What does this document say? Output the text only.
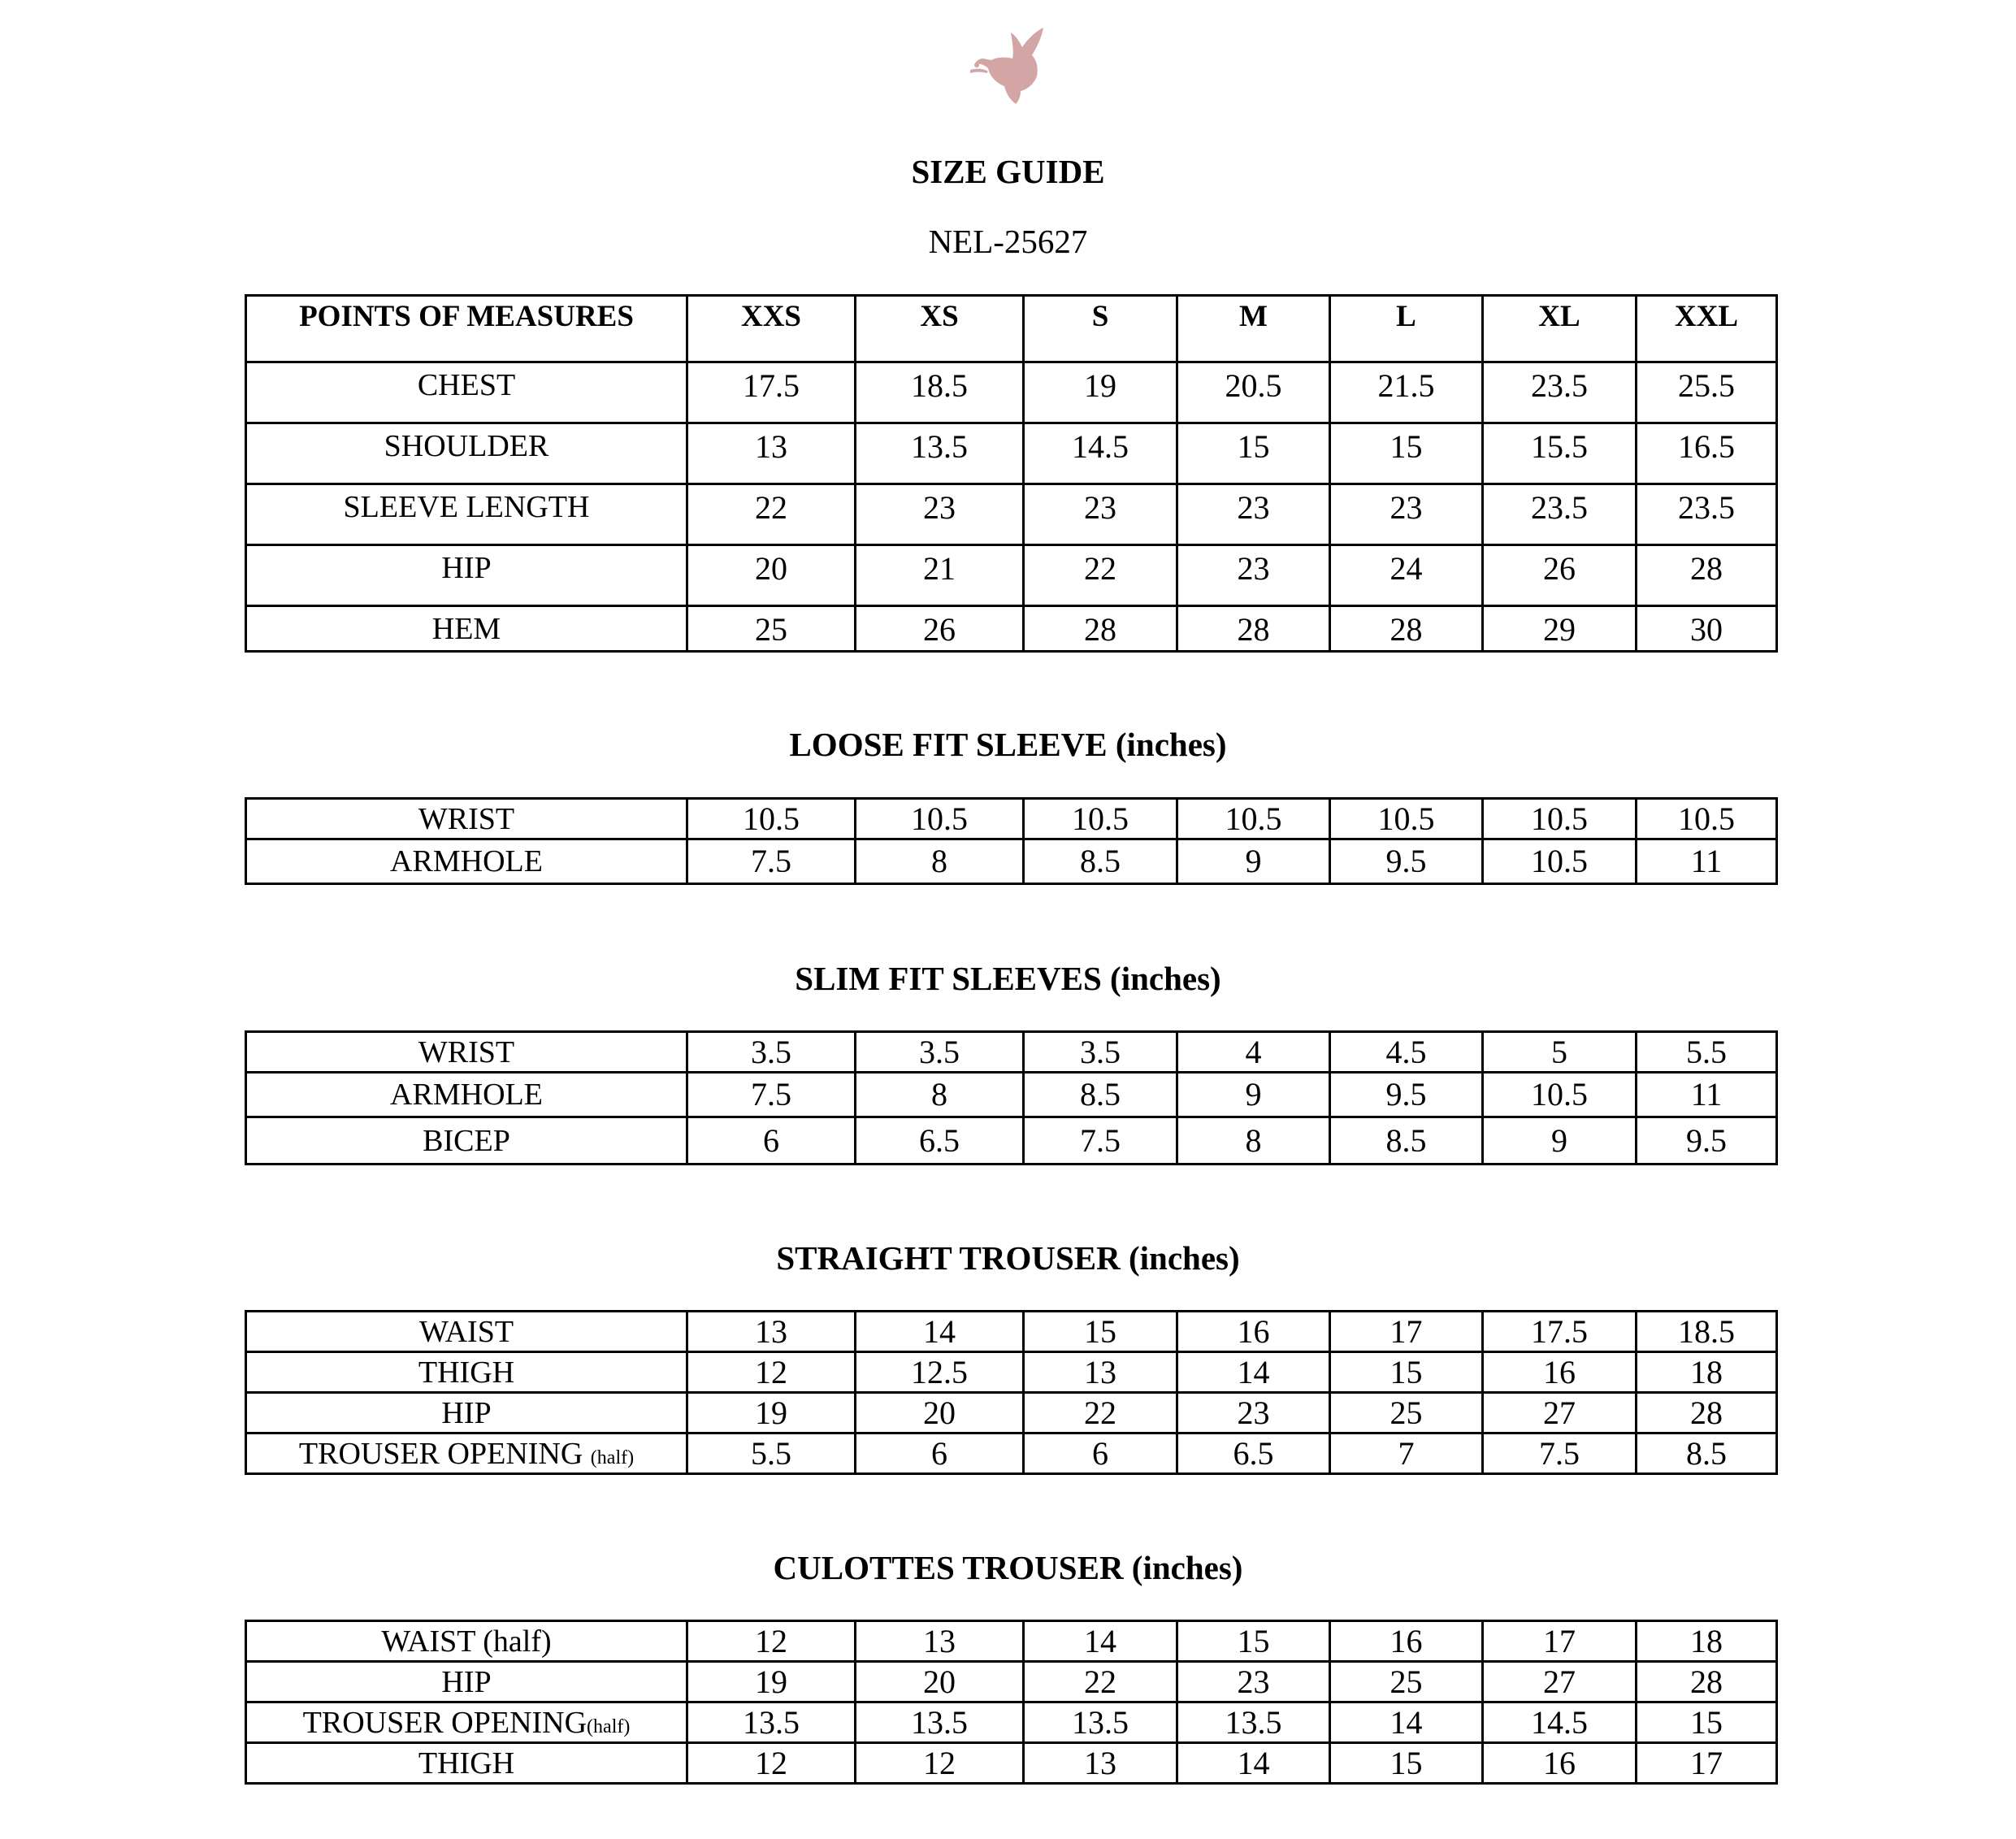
SIZE GUIDE
NEL-25627
POINTS OF MEASURES	XXS	XS	S	M	L	XL	XXL
CHEST	17.5	18.5	19	20.5	21.5	23.5	25.5
SHOULDER	13	13.5	14.5	15	15	15.5	16.5
SLEEVE LENGTH	22	23	23	23	23	23.5	23.5
HIP	20	21	22	23	24	26	28
HEM	25	26	28	28	28	29	30
LOOSE FIT SLEEVE (inches)
WRIST	10.5	10.5	10.5	10.5	10.5	10.5	10.5
ARMHOLE	7.5	8	8.5	9	9.5	10.5	11
SLIM FIT SLEEVES (inches)
WRIST	3.5	3.5	3.5	4	4.5	5	5.5
ARMHOLE	7.5	8	8.5	9	9.5	10.5	11
BICEP	6	6.5	7.5	8	8.5	9	9.5
STRAIGHT TROUSER (inches)
WAIST	13	14	15	16	17	17.5	18.5
THIGH	12	12.5	13	14	15	16	18
HIP	19	20	22	23	25	27	28
TROUSER OPENING (half)	5.5	6	6	6.5	7	7.5	8.5
CULOTTES TROUSER (inches)
WAIST (half)	12	13	14	15	16	17	18
HIP	19	20	22	23	25	27	28
TROUSER OPENING(half)	13.5	13.5	13.5	13.5	14	14.5	15
THIGH	12	12	13	14	15	16	17
